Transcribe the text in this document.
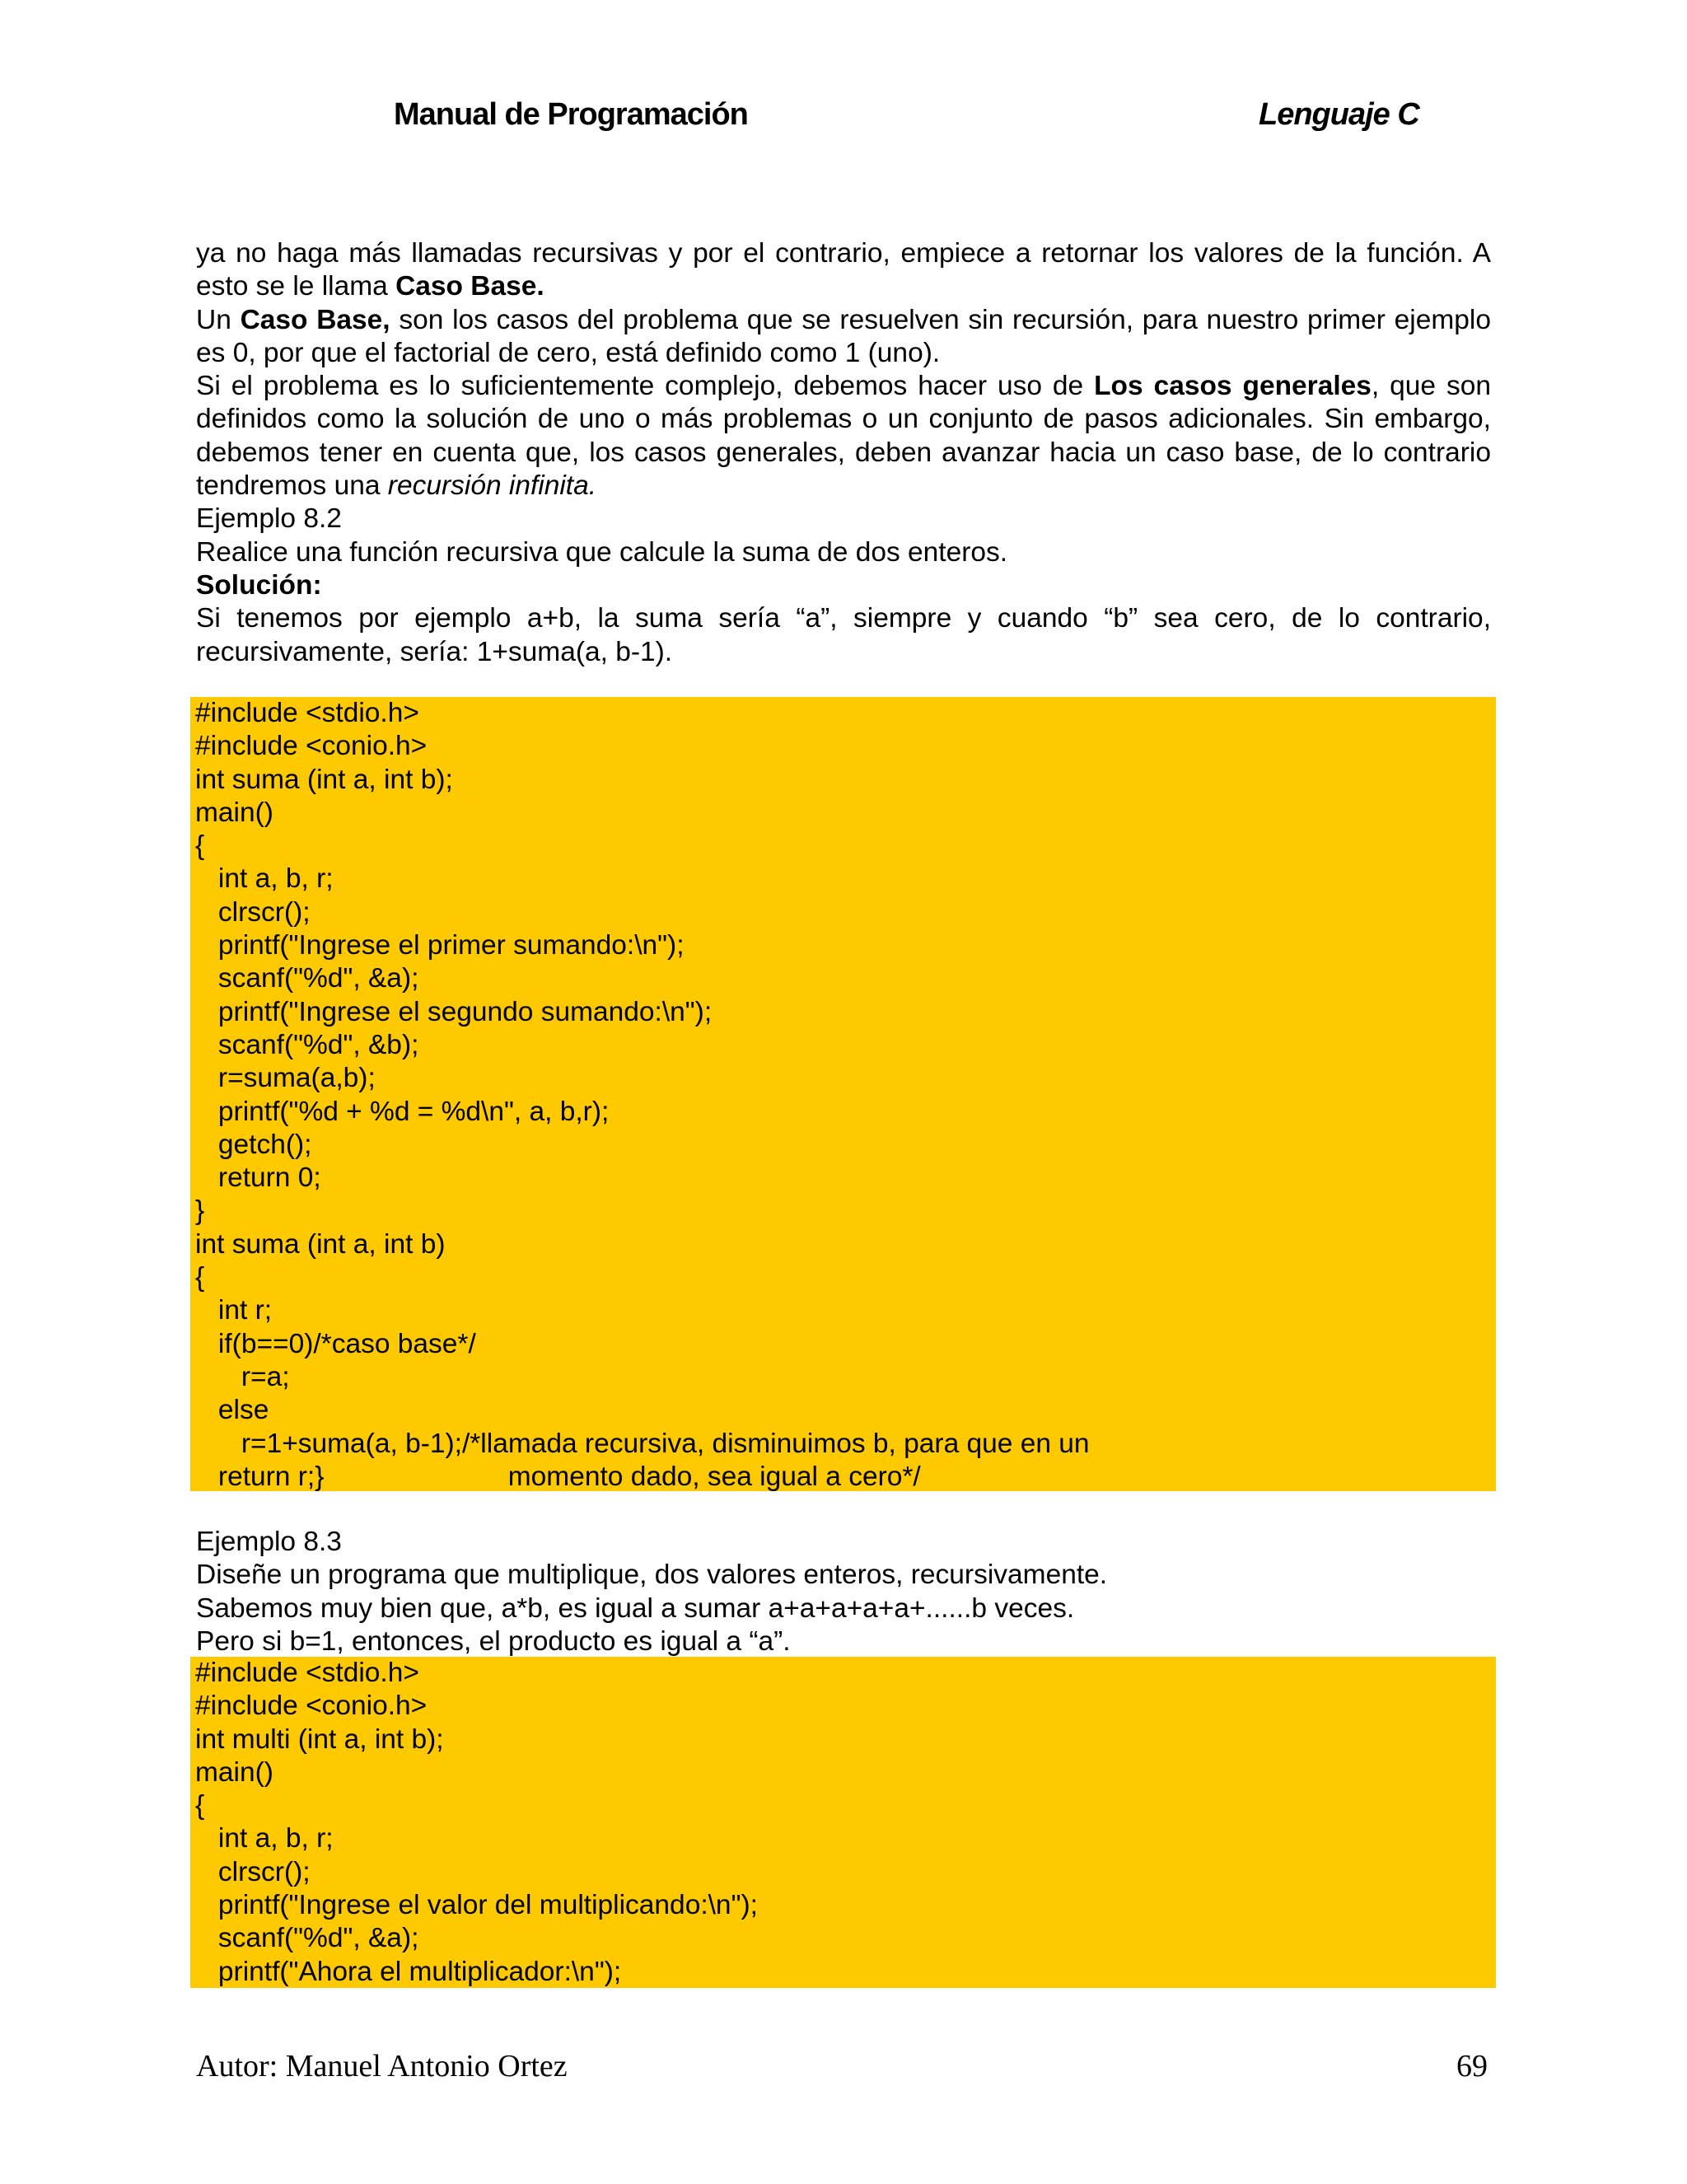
Manual de Programación	Lenguaje C

ya no haga más llamadas recursivas y por el contrario, empiece a retornar los valores de la función. A esto se le llama Caso Base.

Un Caso Base, son los casos del problema que se resuelven sin recursión, para nuestro primer ejemplo es 0, por que el factorial de cero, está definido como 1 (uno).

Si el problema es lo suficientemente complejo, debemos hacer uso de Los casos generales, que son definidos como la solución de uno o más problemas o un conjunto de pasos adicionales. Sin embargo, debemos tener en cuenta que, los casos generales, deben avanzar hacia un caso base, de lo contrario tendremos una recursión infinita.

Ejemplo 8.2

Realice una función recursiva que calcule la suma de dos enteros.

Solución:

Si tenemos por ejemplo a+b, la suma sería “a”, siempre y cuando “b” sea cero, de lo contrario, recursivamente, sería: 1+suma(a, b-1).

#include <stdio.h>
#include <conio.h>
int suma (int a, int b);
main()
{
int a, b, r;
clrscr();
printf("Ingrese el primer sumando:\n");
scanf("%d", &a);
printf("Ingrese el segundo sumando:\n");
scanf("%d", &b);
r=suma(a,b);
printf("%d + %d = %d\n", a, b,r);
getch();
return 0;
}
int suma (int a, int b)
{
int r;
if(b==0)/*caso base*/
r=a;
else
r=1+suma(a, b-1);/*llamada recursiva, disminuimos b, para que en un
return r;}                        momento dado, sea igual a cero*/

Ejemplo 8.3

Diseñe un programa que multiplique, dos valores enteros, recursivamente.

Sabemos muy bien que, a*b, es igual a sumar a+a+a+a+a+......b veces.

Pero si b=1, entonces, el producto es igual a “a”.

#include <stdio.h>
#include <conio.h>
int multi (int a, int b);
main()
{
int a, b, r;
clrscr();
printf("Ingrese el valor del multiplicando:\n");
scanf("%d", &a);
printf("Ahora el multiplicador:\n");
Autor: Manuel Antonio Ortez	69
